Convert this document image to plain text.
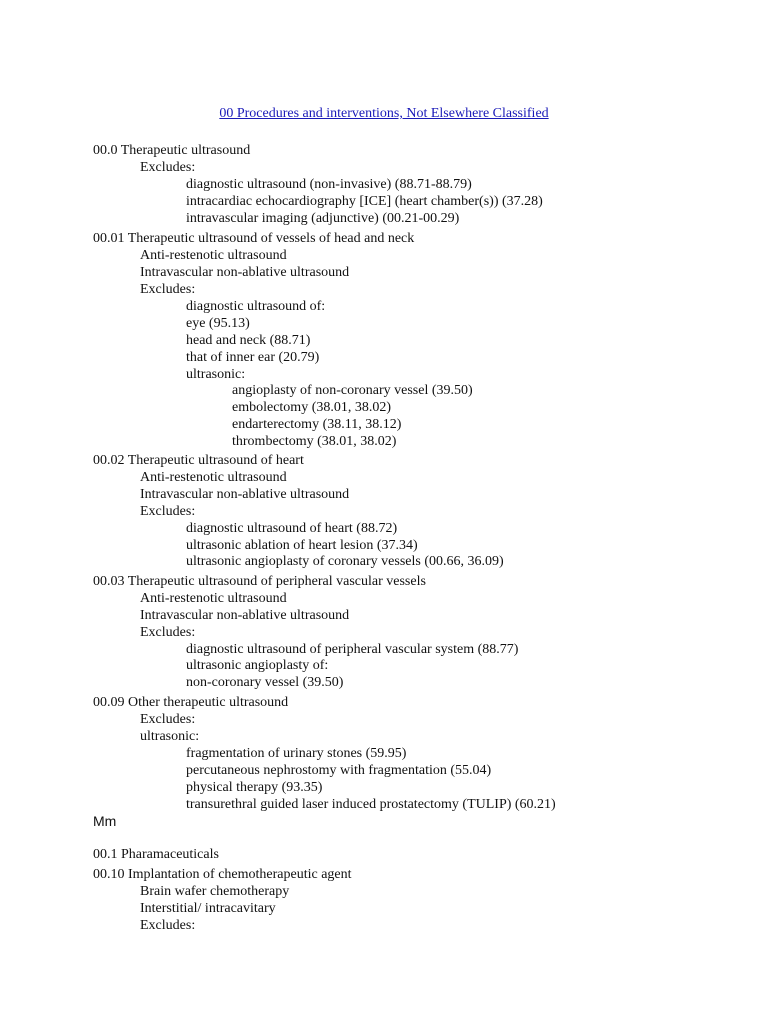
00 Procedures and interventions, Not Elsewhere Classified
00.0 Therapeutic ultrasound
Excludes:
diagnostic ultrasound (non-invasive) (88.71-88.79)
intracardiac echocardiography [ICE] (heart chamber(s)) (37.28)
intravascular imaging (adjunctive) (00.21-00.29)
00.01 Therapeutic ultrasound of vessels of head and neck
Anti-restenotic ultrasound
Intravascular non-ablative ultrasound
Excludes:
diagnostic ultrasound of:
eye (95.13)
head and neck (88.71)
that of inner ear (20.79)
ultrasonic:
angioplasty of non-coronary vessel (39.50)
embolectomy (38.01, 38.02)
endarterectomy (38.11, 38.12)
thrombectomy (38.01, 38.02)
00.02 Therapeutic ultrasound of heart
Anti-restenotic ultrasound
Intravascular non-ablative ultrasound
Excludes:
diagnostic ultrasound of heart (88.72)
ultrasonic ablation of heart lesion (37.34)
ultrasonic angioplasty of coronary vessels (00.66, 36.09)
00.03 Therapeutic ultrasound of peripheral vascular vessels
Anti-restenotic ultrasound
Intravascular non-ablative ultrasound
Excludes:
diagnostic ultrasound of peripheral vascular system (88.77)
ultrasonic angioplasty of:
non-coronary vessel (39.50)
00.09 Other therapeutic ultrasound
Excludes:
ultrasonic:
fragmentation of urinary stones (59.95)
percutaneous nephrostomy with fragmentation (55.04)
physical therapy (93.35)
transurethral guided laser induced prostatectomy (TULIP) (60.21)
Mm
00.1 Pharamaceuticals
00.10 Implantation of chemotherapeutic agent
Brain wafer chemotherapy
Interstitial/ intracavitary
Excludes:
